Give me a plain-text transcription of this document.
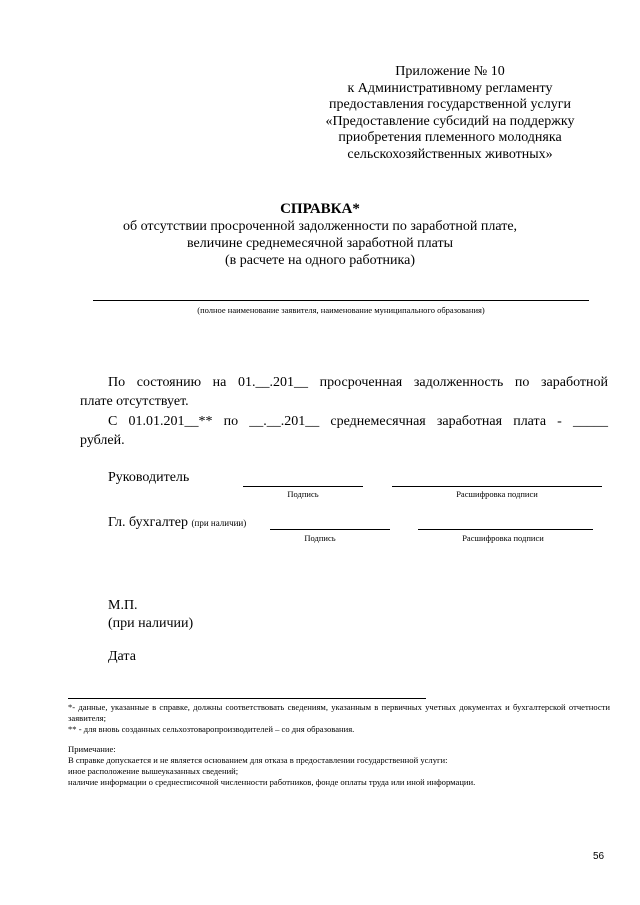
Приложение № 10
к Административному регламенту
предоставления государственной услуги
«Предоставление субсидий на поддержку
приобретения племенного молодняка
сельскохозяйственных животных»
СПРАВКА*
об отсутствии просроченной задолженности по заработной плате,
величине среднемесячной заработной платы
(в расчете на одного работника)
(полное наименование заявителя, наименование муниципального образования)
По состоянию на 01.__.201__ просроченная задолженность по заработной
плате отсутствует.
С 01.01.201__** по __.__.201__ среднемесячная заработная плата - _____
рублей.
Руководитель
Подпись	Расшифровка подписи
Гл. бухгалтер (при наличии)
Подпись	Расшифровка подписи
М.П.
(при наличии)
Дата
*- данные, указанные в справке, должны соответствовать сведениям, указанным в первичных учетных документах и бухгалтерской отчетности заявителя;
** - для вновь созданных сельхозтоваропроизводителей – со дня образования.
Примечание:
В справке допускается и не является основанием для отказа в предоставлении государственной услуги:
иное расположение вышеуказанных сведений;
наличие информации о среднесписочной численности работников, фонде оплаты труда или иной информации.
56
